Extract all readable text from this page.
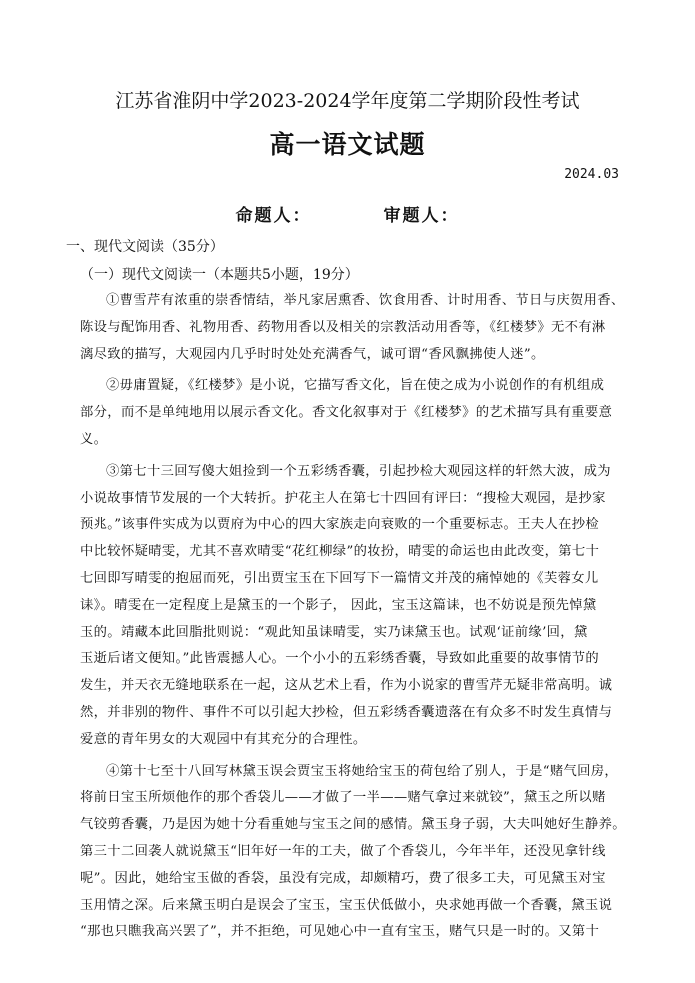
江苏省淮阴中学2023-2024学年度第二学期阶段性考试
高一语文试题
2024.03
命题人：	审题人：
一、现代文阅读（35分）
（一）现代文阅读一（本题共5小题，19分）
①曹雪芹有浓重的崇香情结，举凡家居熏香、饮食用香、计时用香、节日与庆贺用香、
陈设与配饰用香、礼物用香、药物用香以及相关的宗教活动用香等，《红楼梦》无不有淋
漓尽致的描写，大观园内几乎时时处处充满香气，诚可谓“香风飘拂使人迷”。
②毋庸置疑，《红楼梦》是小说，它描写香文化，旨在使之成为小说创作的有机组成
部分，而不是单纯地用以展示香文化。香文化叙事对于《红楼梦》的艺术描写具有重要意
义。
③第七十三回写傻大姐捡到一个五彩绣香囊，引起抄检大观园这样的轩然大波，成为
小说故事情节发展的一个大转折。护花主人在第七十四回有评曰：“搜检大观园，是抄家
预兆。”该事件实成为以贾府为中心的四大家族走向衰败的一个重要标志。王夫人在抄检
中比较怀疑晴雯，尤其不喜欢晴雯“花红柳绿”的妆扮，晴雯的命运也由此改变，第七十
七回即写晴雯的抱屈而死，引出贾宝玉在下回写下一篇情文并茂的痛悼她的《芙蓉女儿
诔》。晴雯在一定程度上是黛玉的一个影子， 因此，宝玉这篇诔，也不妨说是预先悼黛
玉的。靖藏本此回脂批则说：“观此知虽诔晴雯，实乃诔黛玉也。试观‘证前缘’回，黛
玉逝后诸文便知。”此皆震撼人心。一个小小的五彩绣香囊，导致如此重要的故事情节的
发生，并天衣无缝地联系在一起，这从艺术上看，作为小说家的曹雪芹无疑非常高明。诚
然，并非别的物件、事件不可以引起大抄检，但五彩绣香囊遗落在有众多不时发生真情与
爱意的青年男女的大观园中有其充分的合理性。
④第十七至十八回写林黛玉误会贾宝玉将她给宝玉的荷包给了别人，于是“赌气回房，
将前日宝玉所烦他作的那个香袋儿——才做了一半——赌气拿过来就铰”，黛玉之所以赌
气铰剪香囊，乃是因为她十分看重她与宝玉之间的感情。黛玉身子弱，大夫叫她好生静养。
第三十二回袭人就说黛玉“旧年好一年的工夫，做了个香袋儿，今年半年，还没见拿针线
呢”。因此，她给宝玉做的香袋，虽没有完成，却颇精巧，费了很多工夫，可见黛玉对宝
玉用情之深。后来黛玉明白是误会了宝玉，宝玉伏低做小，央求她再做一个香囊，黛玉说
“那也只瞧我高兴罢了”，并不拒绝，可见她心中一直有宝玉，赌气只是一时的。又第十
